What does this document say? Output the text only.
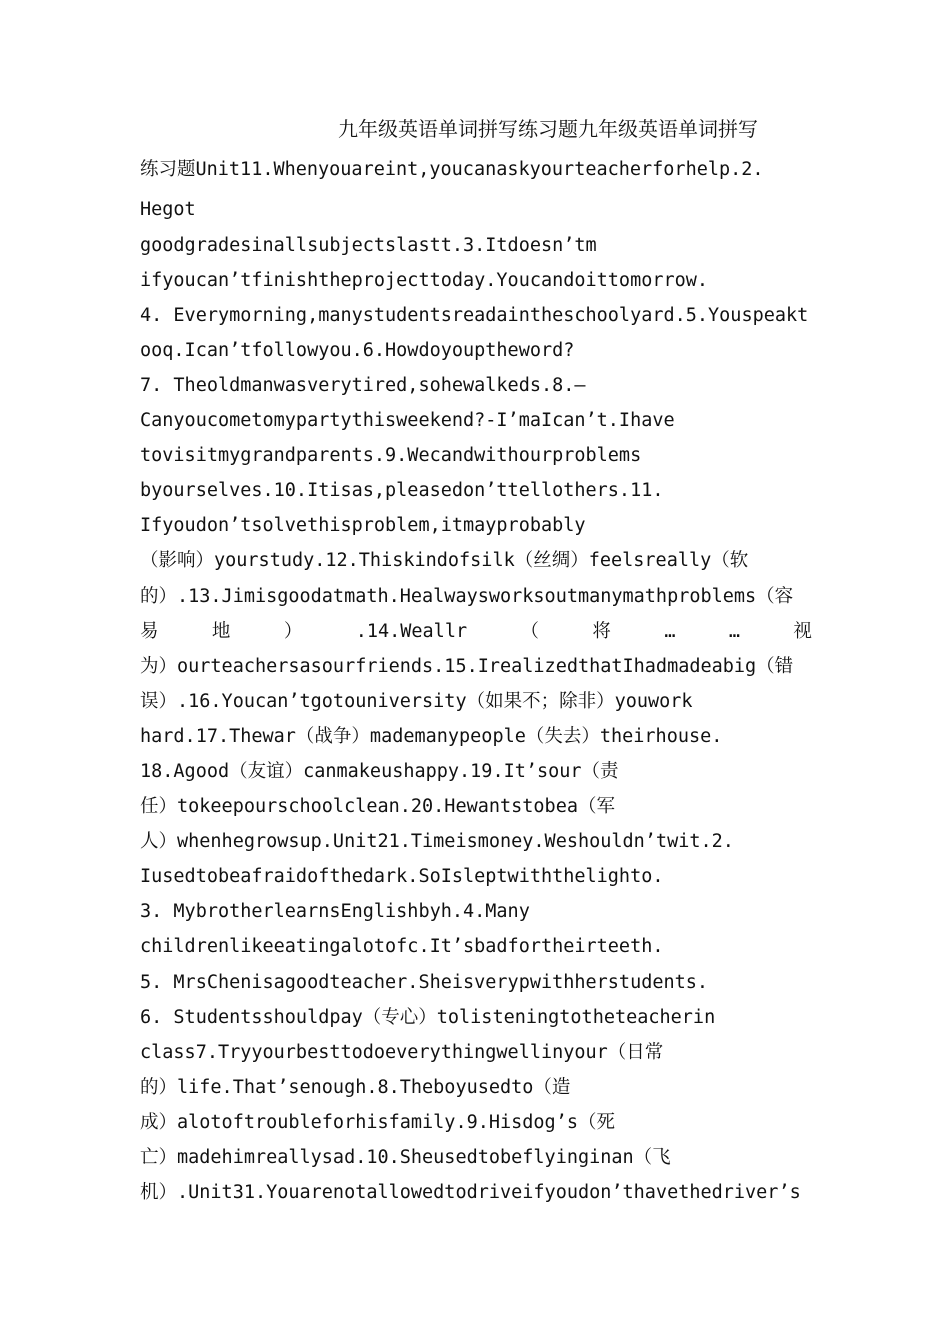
九年级英语单词拼写练习题九年级英语单词拼写
练习题Unit11.Whenyouareint,youcanaskyourteacherforhelp.2.
Hegot
goodgradesinallsubjectslastt.3.Itdoesn’tm
ifyoucan’tfinishtheprojecttoday.Youcandoittomorrow.
4. Everymorning,manystudentsreadaintheschoolyard.5.Youspeakt
ooq.Ican’tfollowyou.6.Howdoyouptheword?
7. Theoldmanwasverytired,sohewalkeds.8.—
Canyoucometomypartythisweekend?-I’maIcan’t.Ihave
tovisitmygrandparents.9.Wecandwithourproblems
byourselves.10.Itisas,pleasedon’ttellothers.11.
Ifyoudon’tsolvethisproblem,itmayprobably
（影响）yourstudy.12.Thiskindofsilk（丝绸）feelsreally（软
的）.13.Jimisgoodatmath.Healwaysworksoutmanymathproblems（容
易	地	）	.14.Weallr	（	将	…	…	视
为）ourteachersasourfriends.15.IrealizedthatIhadmadeabig（错
误）.16.Youcan’tgotouniversity（如果不；除非）youwork
hard.17.Thewar（战争）mademanypeople（失去）theirhouse.
18.Agood（友谊）canmakeushappy.19.It’sour（责
任）tokeepourschoolclean.20.Hewantstobea（军
人）whenhegrowsup.Unit21.Timeismoney.Weshouldn’twit.2.
Iusedtobeafraidofthedark.SoIsleptwiththelighto.
3. MybrotherlearnsEnglishbyh.4.Many
childrenlikeeatingalotofc.It’sbadfortheirteeth.
5. MrsChenisagoodteacher.Sheisverypwithherstudents.
6. Studentsshouldpay（专心）tolisteningtotheteacherin
class7.Tryyourbesttodoeverythingwellinyour（日常
的）life.That’senough.8.Theboyusedto（造
成）alotoftroubleforhisfamily.9.Hisdog’s（死
亡）madehimreallysad.10.Sheusedtobeflyinginan（飞
机）.Unit31.Youarenotallowedtodriveifyoudon’thavethedriver’s
